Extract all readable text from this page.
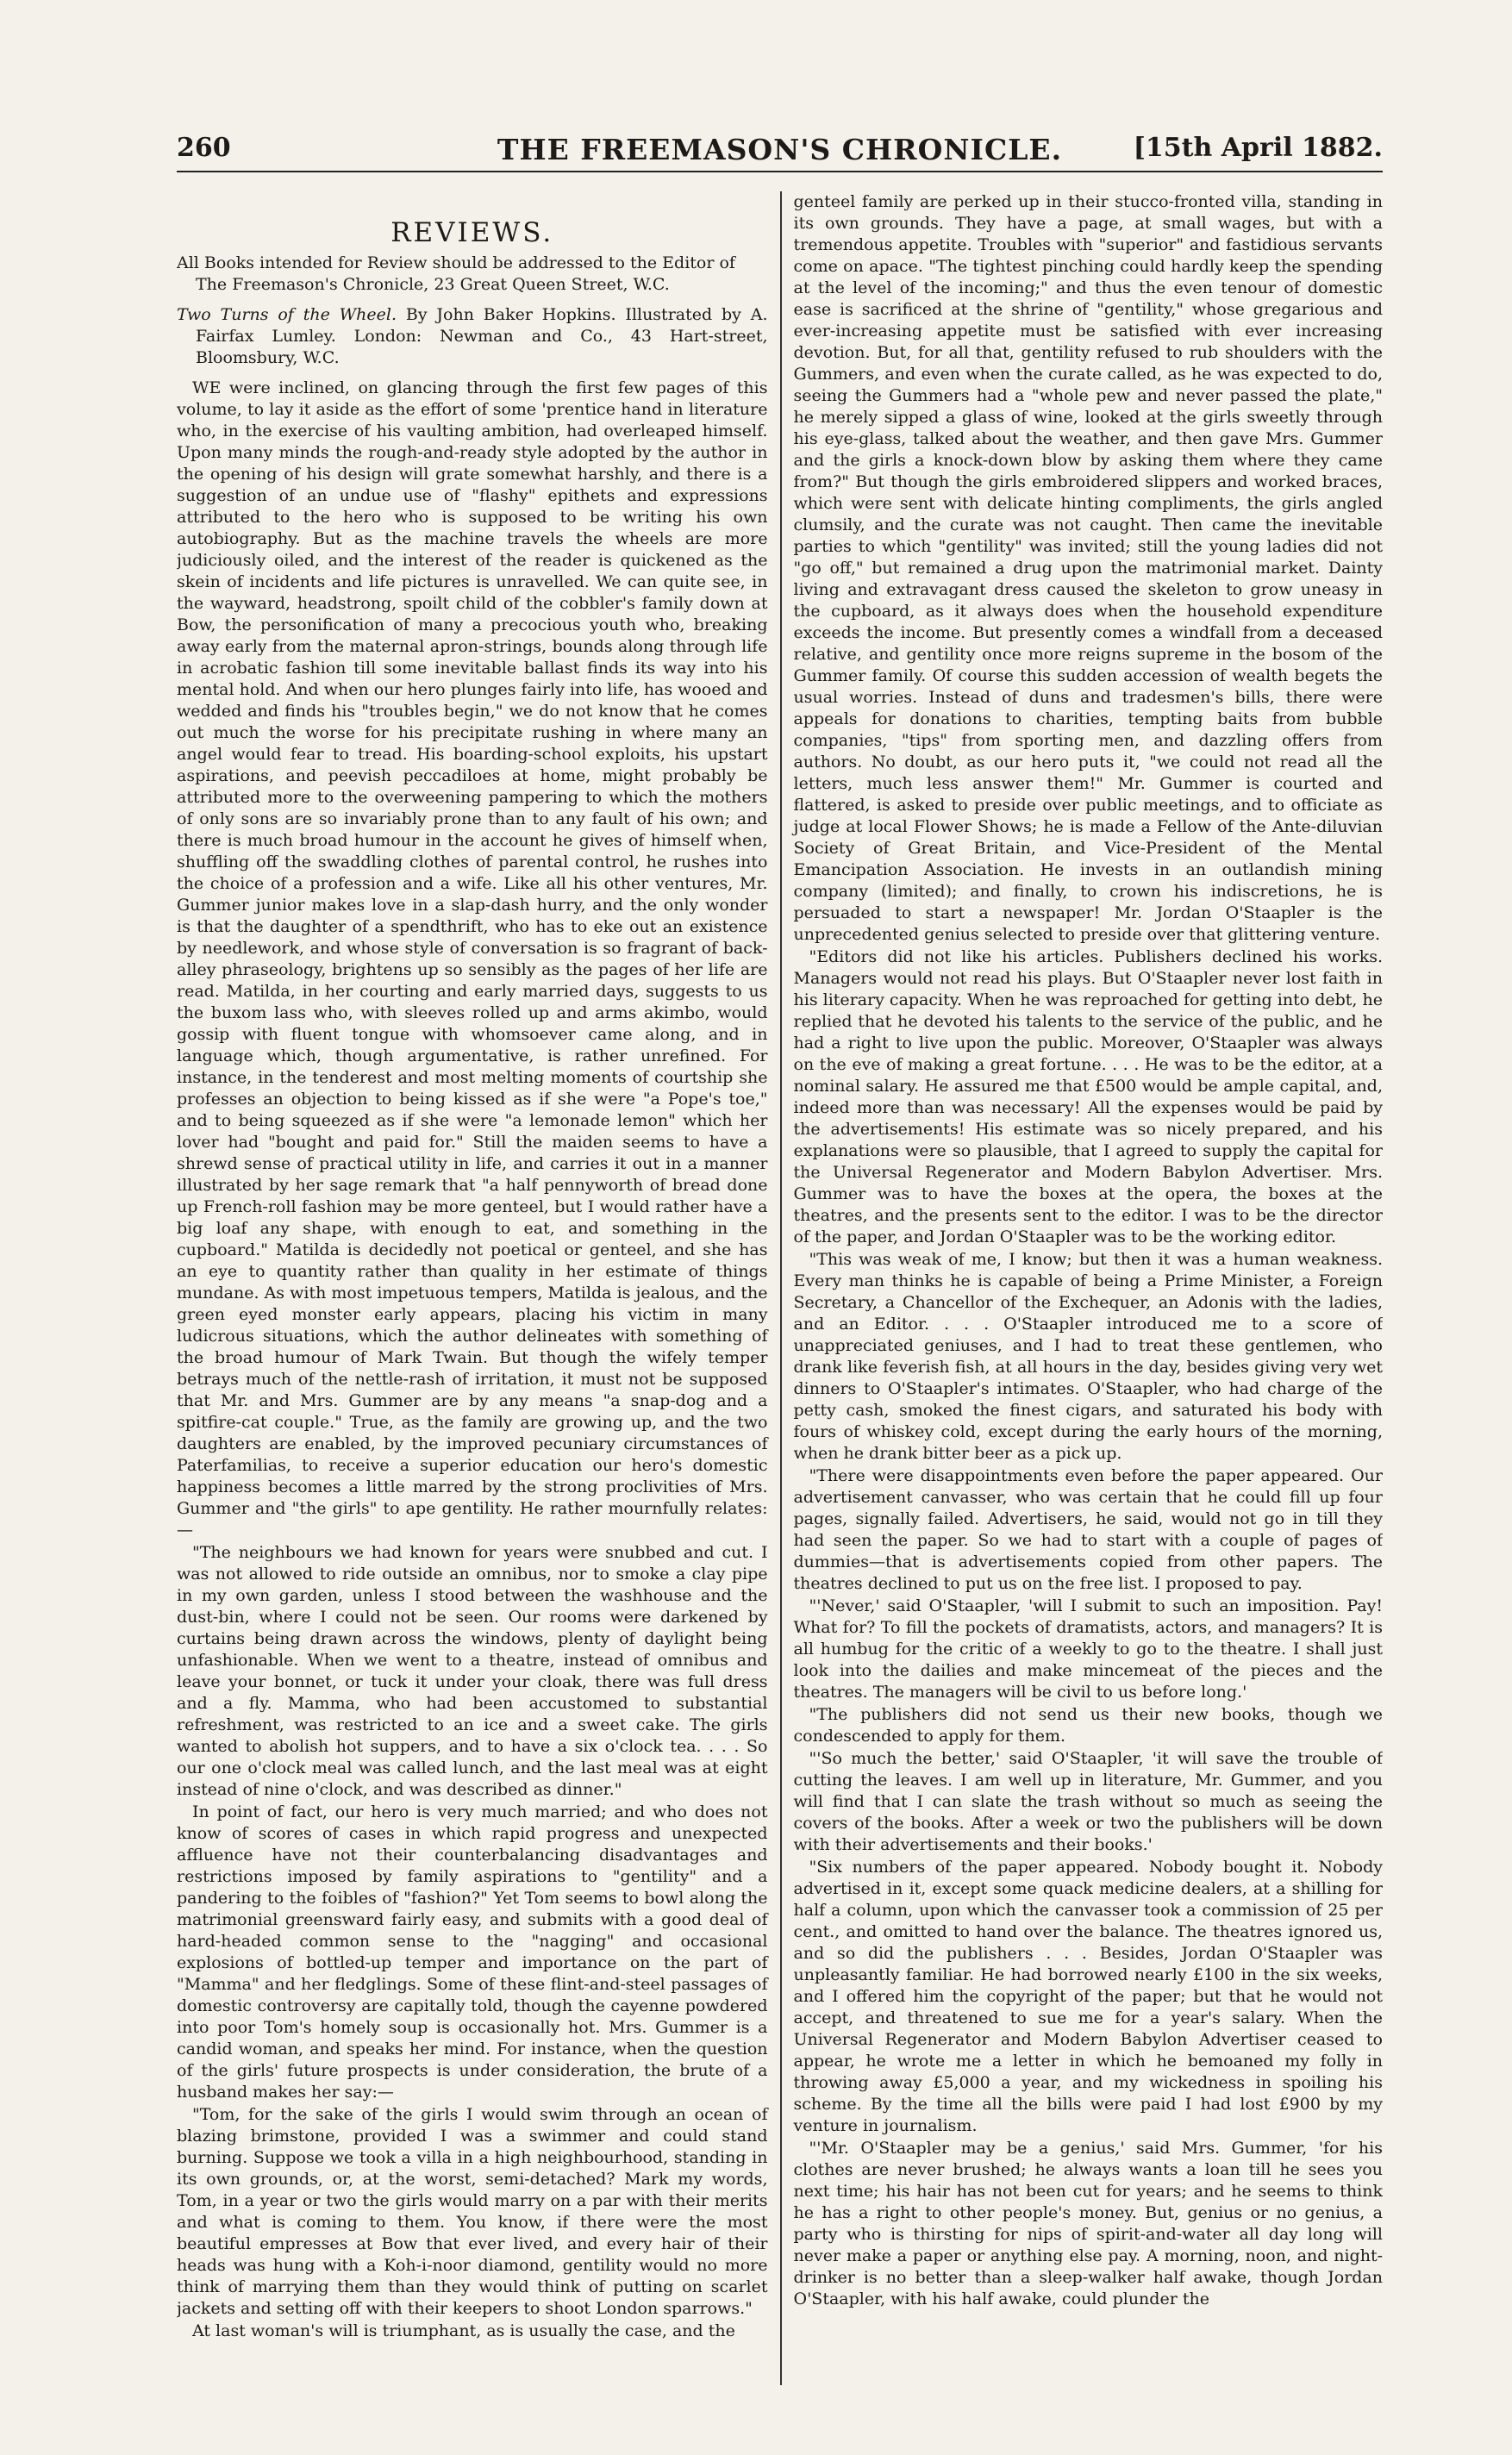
260	THE FREEMASON'S CHRONICLE.	[15th April 1882.
REVIEWS.

All Books intended for Review should be addressed to the Editor of The Freemason's Chronicle, 23 Great Queen Street, W.C.

Two Turns of the Wheel. By John Baker Hopkins. Illustrated by A. Fairfax Lumley. London: Newman and Co., 43 Hart-street, Bloomsbury, W.C.

WE were inclined, on glancing through the first few pages of this volume, to lay it aside as the effort of some 'prentice hand in literature who, in the exercise of his vaulting ambition, had overleaped himself. Upon many minds the rough-and-ready style adopted by the author in the opening of his design will grate somewhat harshly, and there is a suggestion of an undue use of "flashy" epithets and expressions attributed to the hero who is supposed to be writing his own autobiography. But as the machine travels the wheels are more judiciously oiled, and the interest of the reader is quickened as the skein of incidents and life pictures is unravelled. We can quite see, in the wayward, headstrong, spoilt child of the cobbler's family down at Bow, the personification of many a precocious youth who, breaking away early from the maternal apron-strings, bounds along through life in acrobatic fashion till some inevitable ballast finds its way into his mental hold. And when our hero plunges fairly into life, has wooed and wedded and finds his "troubles begin," we do not know that he comes out much the worse for his precipitate rushing in where many an angel would fear to tread. His boarding-school exploits, his upstart aspirations, and peevish peccadiloes at home, might probably be attributed more to the overweening pampering to which the mothers of only sons are so invariably prone than to any fault of his own; and there is much broad humour in the account he gives of himself when, shuffling off the swaddling clothes of parental control, he rushes into the choice of a profession and a wife. Like all his other ventures, Mr. Gummer junior makes love in a slap-dash hurry, and the only wonder is that the daughter of a spendthrift, who has to eke out an existence by needlework, and whose style of conversation is so fragrant of back-alley phraseology, brightens up so sensibly as the pages of her life are read. Matilda, in her courting and early married days, suggests to us the buxom lass who, with sleeves rolled up and arms akimbo, would gossip with fluent tongue with whomsoever came along, and in language which, though argumentative, is rather unrefined. For instance, in the tenderest and most melting moments of courtship she professes an objection to being kissed as if she were "a Pope's toe," and to being squeezed as if she were "a lemonade lemon" which her lover had "bought and paid for." Still the maiden seems to have a shrewd sense of practical utility in life, and carries it out in a manner illustrated by her sage remark that "a half pennyworth of bread done up French-roll fashion may be more genteel, but I would rather have a big loaf any shape, with enough to eat, and something in the cupboard." Matilda is decidedly not poetical or genteel, and she has an eye to quantity rather than quality in her estimate of things mundane. As with most impetuous tempers, Matilda is jealous, and the green eyed monster early appears, placing his victim in many ludicrous situations, which the author delineates with something of the broad humour of Mark Twain. But though the wifely temper betrays much of the nettle-rash of irritation, it must not be supposed that Mr. and Mrs. Gummer are by any means "a snap-dog and a spitfire-cat couple." True, as the family are growing up, and the two daughters are enabled, by the improved pecuniary circumstances of Paterfamilias, to receive a superior education our hero's domestic happiness becomes a little marred by the strong proclivities of Mrs. Gummer and "the girls" to ape gentility. He rather mournfully relates:—

"The neighbours we had known for years were snubbed and cut. I was not allowed to ride outside an omnibus, nor to smoke a clay pipe in my own garden, unless I stood between the washhouse and the dust-bin, where I could not be seen. Our rooms were darkened by curtains being drawn across the windows, plenty of daylight being unfashionable. When we went to a theatre, instead of omnibus and leave your bonnet, or tuck it under your cloak, there was full dress and a fly. Mamma, who had been accustomed to substantial refreshment, was restricted to an ice and a sweet cake. The girls wanted to abolish hot suppers, and to have a six o'clock tea. . . . So our one o'clock meal was called lunch, and the last meal was at eight instead of nine o'clock, and was described as dinner."

In point of fact, our hero is very much married; and who does not know of scores of cases in which rapid progress and unexpected affluence have not their counterbalancing disadvantages and restrictions imposed by family aspirations to "gentility" and a pandering to the foibles of "fashion?" Yet Tom seems to bowl along the matrimonial greensward fairly easy, and submits with a good deal of hard-headed common sense to the "nagging" and occasional explosions of bottled-up temper and importance on the part of "Mamma" and her fledglings. Some of these flint-and-steel passages of domestic controversy are capitally told, though the cayenne powdered into poor Tom's homely soup is occasionally hot. Mrs. Gummer is a candid woman, and speaks her mind. For instance, when the question of the girls' future prospects is under consideration, the brute of a husband makes her say:—

"Tom, for the sake of the girls I would swim through an ocean of blazing brimstone, provided I was a swimmer and could stand burning. Suppose we took a villa in a high neighbourhood, standing in its own grounds, or, at the worst, semi-detached? Mark my words, Tom, in a year or two the girls would marry on a par with their merits and what is coming to them. You know, if there were the most beautiful empresses at Bow that ever lived, and every hair of their heads was hung with a Koh-i-noor diamond, gentility would no more think of marrying them than they would think of putting on scarlet jackets and setting off with their keepers to shoot London sparrows."

At last woman's will is triumphant, as is usually the case, and the

genteel family are perked up in their stucco-fronted villa, standing in its own grounds. They have a page, at small wages, but with a tremendous appetite. Troubles with "superior" and fastidious servants come on apace. "The tightest pinching could hardly keep the spending at the level of the incoming;" and thus the even tenour of domestic ease is sacrificed at the shrine of "gentility," whose gregarious and ever-increasing appetite must be satisfied with ever increasing devotion. But, for all that, gentility refused to rub shoulders with the Gummers, and even when the curate called, as he was expected to do, seeing the Gummers had a "whole pew and never passed the plate," he merely sipped a glass of wine, looked at the girls sweetly through his eye-glass, talked about the weather, and then gave Mrs. Gummer and the girls a knock-down blow by asking them where they came from?" But though the girls embroidered slippers and worked braces, which were sent with delicate hinting compliments, the girls angled clumsily, and the curate was not caught. Then came the inevitable parties to which "gentility" was invited; still the young ladies did not "go off," but remained a drug upon the matrimonial market. Dainty living and extravagant dress caused the skeleton to grow uneasy in the cupboard, as it always does when the household expenditure exceeds the income. But presently comes a windfall from a deceased relative, and gentility once more reigns supreme in the bosom of the Gummer family. Of course this sudden accession of wealth begets the usual worries. Instead of duns and tradesmen's bills, there were appeals for donations to charities, tempting baits from bubble companies, "tips" from sporting men, and dazzling offers from authors. No doubt, as our hero puts it, "we could not read all the letters, much less answer them!" Mr. Gummer is courted and flattered, is asked to preside over public meetings, and to officiate as judge at local Flower Shows; he is made a Fellow of the Ante-diluvian Society of Great Britain, and Vice-President of the Mental Emancipation Association. He invests in an outlandish mining company (limited); and finally, to crown his indiscretions, he is persuaded to start a newspaper! Mr. Jordan O'Staapler is the unprecedented genius selected to preside over that glittering venture.

"Editors did not like his articles. Publishers declined his works. Managers would not read his plays. But O'Staapler never lost faith in his literary capacity. When he was reproached for getting into debt, he replied that he devoted his talents to the service of the public, and he had a right to live upon the public. Moreover, O'Staapler was always on the eve of making a great fortune. . . . He was to be the editor, at a nominal salary. He assured me that £500 would be ample capital, and, indeed more than was necessary! All the expenses would be paid by the advertisements! His estimate was so nicely prepared, and his explanations were so plausible, that I agreed to supply the capital for the Universal Regenerator and Modern Babylon Advertiser. Mrs. Gummer was to have the boxes at the opera, the boxes at the theatres, and the presents sent to the editor. I was to be the director of the paper, and Jordan O'Staapler was to be the working editor.

"This was weak of me, I know; but then it was a human weakness. Every man thinks he is capable of being a Prime Minister, a Foreign Secretary, a Chancellor of the Exchequer, an Adonis with the ladies, and an Editor. . . . O'Staapler introduced me to a score of unappreciated geniuses, and I had to treat these gentlemen, who drank like feverish fish, at all hours in the day, besides giving very wet dinners to O'Staapler's intimates. O'Staapler, who had charge of the petty cash, smoked the finest cigars, and saturated his body with fours of whiskey cold, except during the early hours of the morning, when he drank bitter beer as a pick up.

"There were disappointments even before the paper appeared. Our advertisement canvasser, who was certain that he could fill up four pages, signally failed. Advertisers, he said, would not go in till they had seen the paper. So we had to start with a couple of pages of dummies—that is advertisements copied from other papers. The theatres declined to put us on the free list. I proposed to pay.

"'Never,' said O'Staapler, 'will I submit to such an imposition. Pay! What for? To fill the pockets of dramatists, actors, and managers? It is all humbug for the critic of a weekly to go to the theatre. I shall just look into the dailies and make mincemeat of the pieces and the theatres. The managers will be civil to us before long.'

"The publishers did not send us their new books, though we condescended to apply for them.

"'So much the better,' said O'Staapler, 'it will save the trouble of cutting the leaves. I am well up in literature, Mr. Gummer, and you will find that I can slate the trash without so much as seeing the covers of the books. After a week or two the publishers will be down with their advertisements and their books.'

"Six numbers of the paper appeared. Nobody bought it. Nobody advertised in it, except some quack medicine dealers, at a shilling for half a column, upon which the canvasser took a commission of 25 per cent., and omitted to hand over the balance. The theatres ignored us, and so did the publishers . . . Besides, Jordan O'Staapler was unpleasantly familiar. He had borrowed nearly £100 in the six weeks, and I offered him the copyright of the paper; but that he would not accept, and threatened to sue me for a year's salary. When the Universal Regenerator and Modern Babylon Advertiser ceased to appear, he wrote me a letter in which he bemoaned my folly in throwing away £5,000 a year, and my wickedness in spoiling his scheme. By the time all the bills were paid I had lost £900 by my venture in journalism.

"'Mr. O'Staapler may be a genius,' said Mrs. Gummer, 'for his clothes are never brushed; he always wants a loan till he sees you next time; his hair has not been cut for years; and he seems to think he has a right to other people's money. But, genius or no genius, a party who is thirsting for nips of spirit-and-water all day long will never make a paper or anything else pay. A morning, noon, and night-drinker is no better than a sleep-walker half awake, though Jordan O'Staapler, with his half awake, could plunder the
